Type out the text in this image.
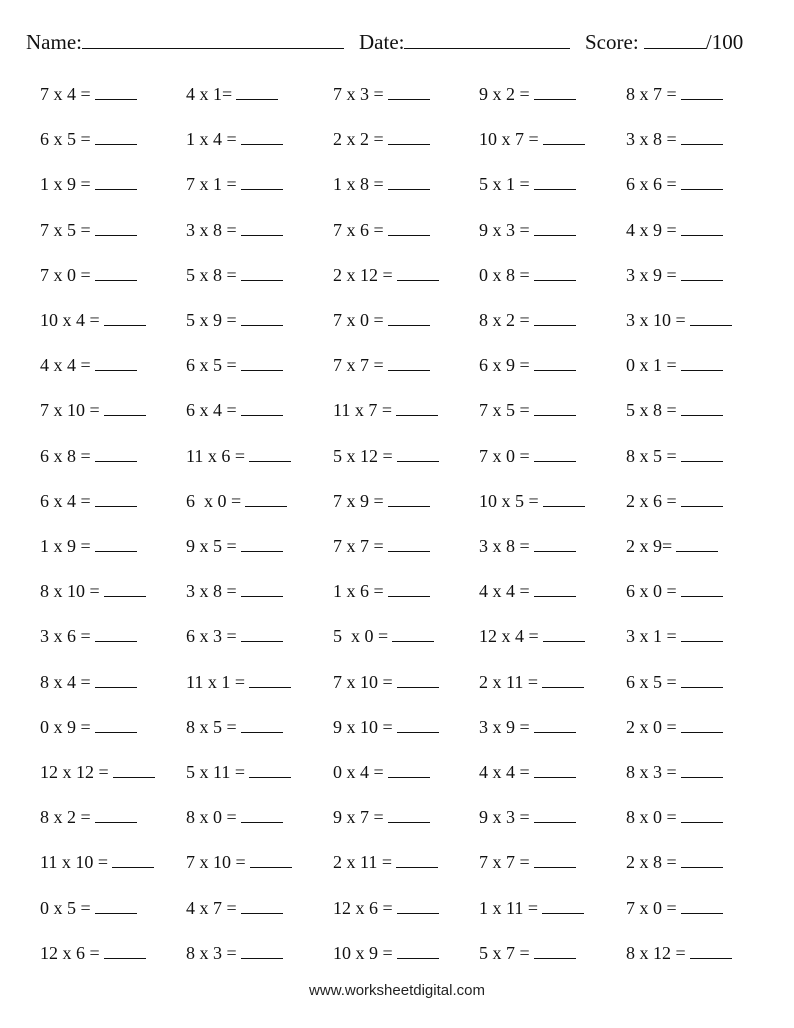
Name:	Date:	Score:	/100
7 x 4 =	4 x 1=	7 x 3 =	9 x 2 =	8 x 7 =
6 x 5 =	1 x 4 =	2 x 2 =	10 x 7 =	3 x 8 =
1 x 9 =	7 x 1 =	1 x 8 =	5 x 1 =	6 x 6 =
7 x 5 =	3 x 8 =	7 x 6 =	9 x 3 =	4 x 9 =
7 x 0 =	5 x 8 =	2 x 12 =	0 x 8 =	3 x 9 =
10 x 4 =	5 x 9 =	7 x 0 =	8 x 2 =	3 x 10 =
4 x 4 =	6 x 5 =	7 x 7 =	6 x 9 =	0 x 1 =
7 x 10 =	6 x 4 =	11 x 7 =	7 x 5 =	5 x 8 =
6 x 8 =	11 x 6 =	5 x 12 =	7 x 0 =	8 x 5 =
6 x 4 =	6  x 0 =	7 x 9 =	10 x 5 =	2 x 6 =
1 x 9 =	9 x 5 =	7 x 7 =	3 x 8 =	2 x 9=
8 x 10 =	3 x 8 =	1 x 6 =	4 x 4 =	6 x 0 =
3 x 6 =	6 x 3 =	5  x 0 =	12 x 4 =	3 x 1 =
8 x 4 =	11 x 1 =	7 x 10 =	2 x 11 =	6 x 5 =
0 x 9 =	8 x 5 =	9 x 10 =	3 x 9 =	2 x 0 =
12 x 12 =	5 x 11 =	0 x 4 =	4 x 4 =	8 x 3 =
8 x 2 =	8 x 0 =	9 x 7 =	9 x 3 =	8 x 0 =
11 x 10 =	7 x 10 =	2 x 11 =	7 x 7 =	2 x 8 =
0 x 5 =	4 x 7 =	12 x 6 =	1 x 11 =	7 x 0 =
12 x 6 =	8 x 3 =	10 x 9 =	5 x 7 =	8 x 12 =
www.worksheetdigital.com
